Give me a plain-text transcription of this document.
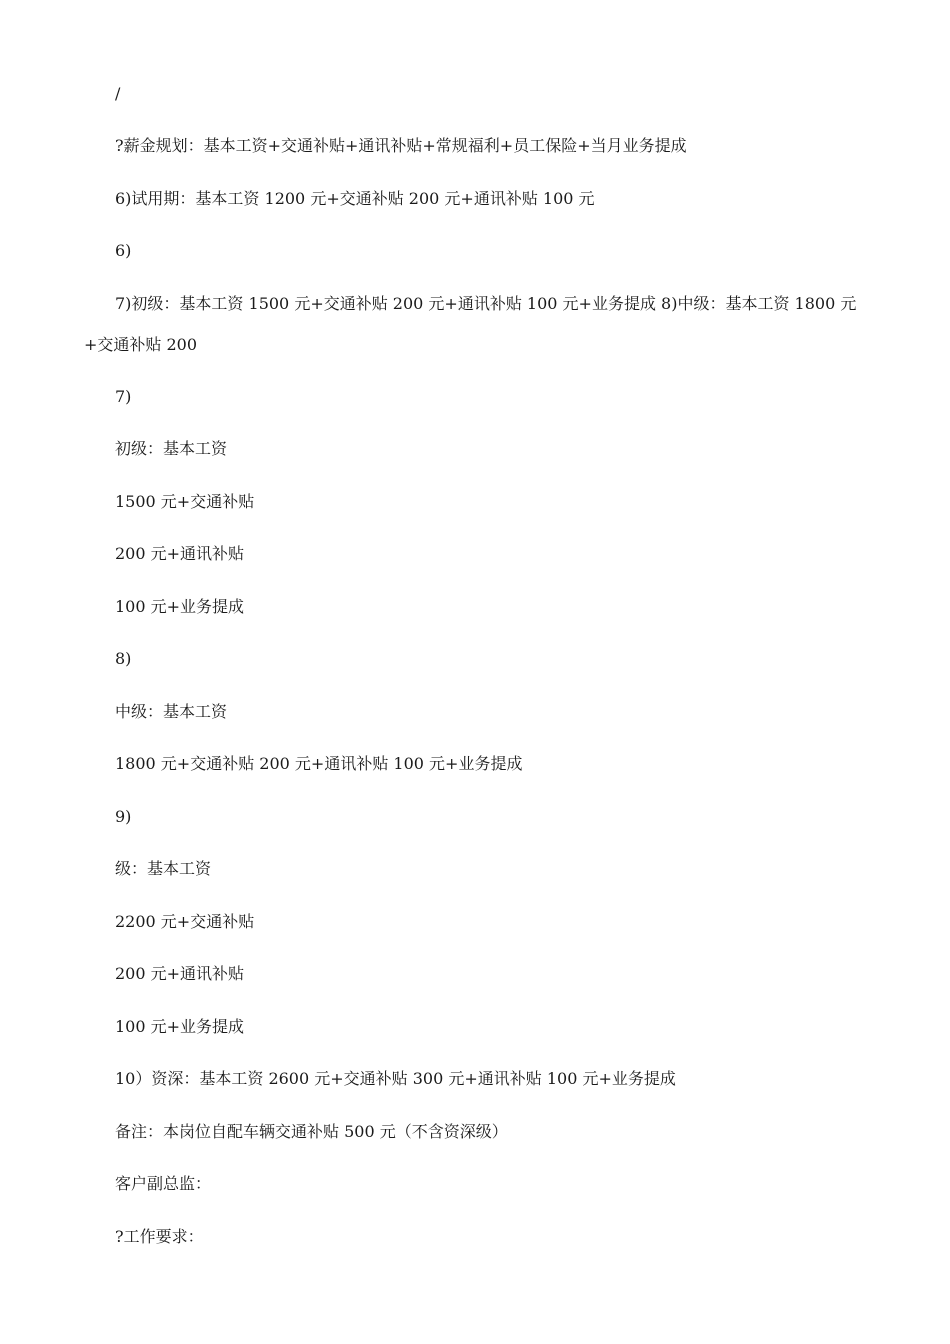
/
?薪金规划：基本工资+交通补贴+通讯补贴+常规福利+员工保险+当月业务提成
6)试用期：基本工资 1200 元+交通补贴 200 元+通讯补贴 100 元
6)
7)初级：基本工资 1500 元+交通补贴 200 元+通讯补贴 100 元+业务提成 8)中级：基本工资 1800 元+交通补贴 200
7)
初级：基本工资
1500 元+交通补贴
200 元+通讯补贴
100 元+业务提成
8)
中级：基本工资
1800 元+交通补贴 200 元+通讯补贴 100 元+业务提成
9)
级：基本工资
2200 元+交通补贴
200 元+通讯补贴
100 元+业务提成
10）资深：基本工资 2600 元+交通补贴 300 元+通讯补贴 100 元+业务提成
备注：本岗位自配车辆交通补贴 500 元（不含资深级）
客户副总监：
?工作要求：
